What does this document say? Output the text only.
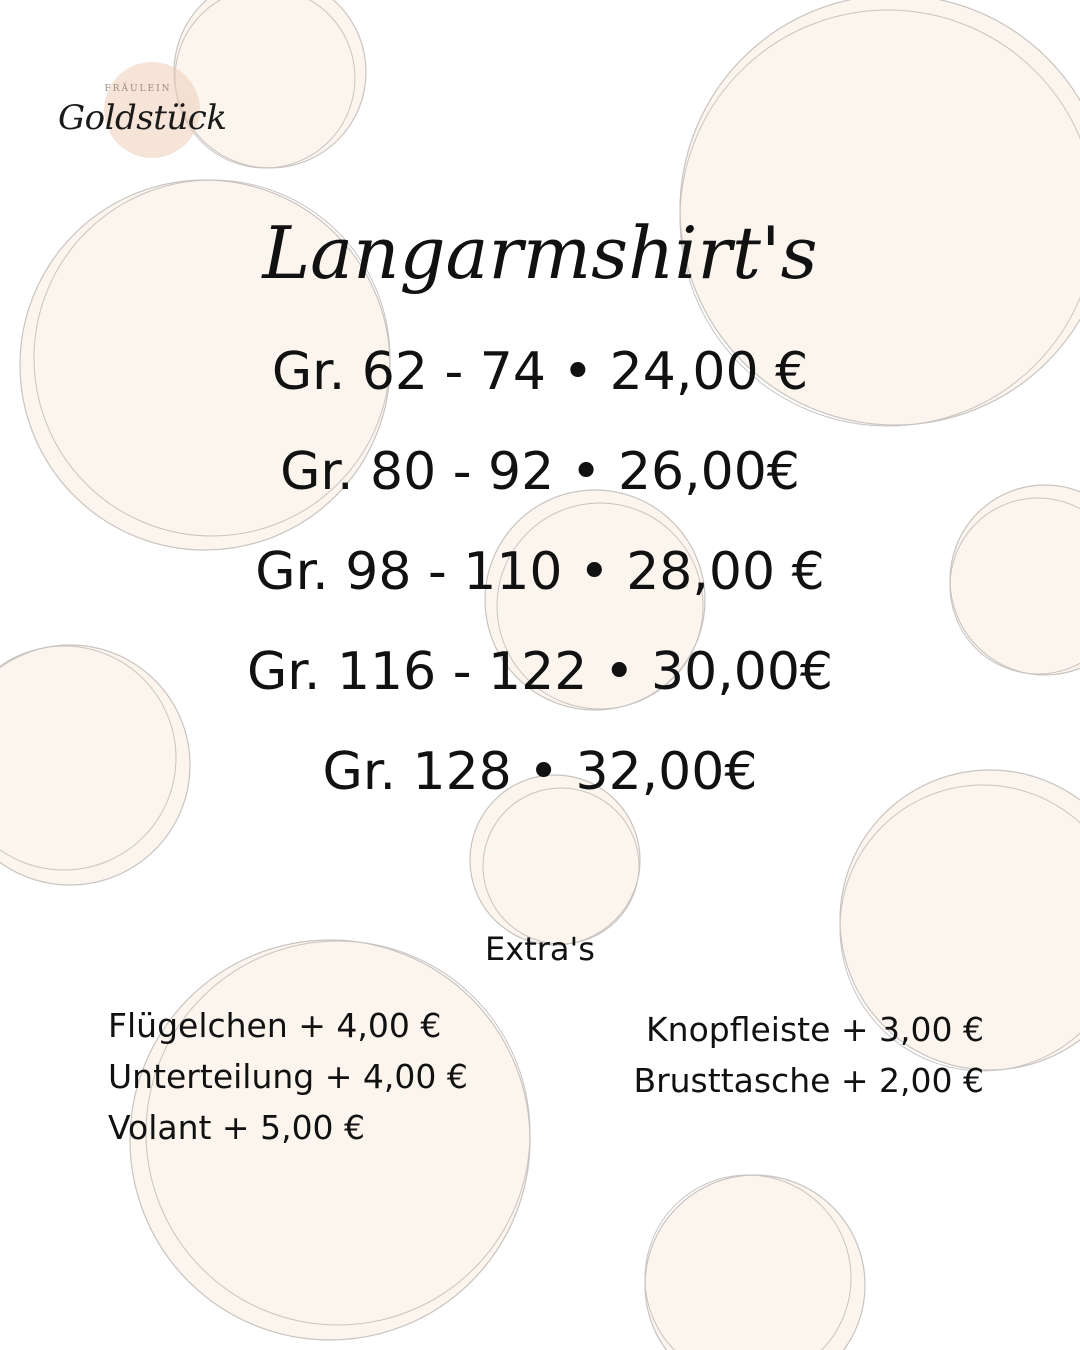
FRÄULEIN
Goldstück
Langarmshirt's
Gr. 62 - 74 • 24,00 €
Gr. 80 - 92 • 26,00€
Gr. 98 - 110 • 28,00 €
Gr. 116 - 122 • 30,00€
Gr. 128 • 32,00€
Extra's
Flügelchen + 4,00 €
Unterteilung + 4,00 €
Volant + 5,00 €
Knopfleiste + 3,00 €
Brusttasche + 2,00 €
